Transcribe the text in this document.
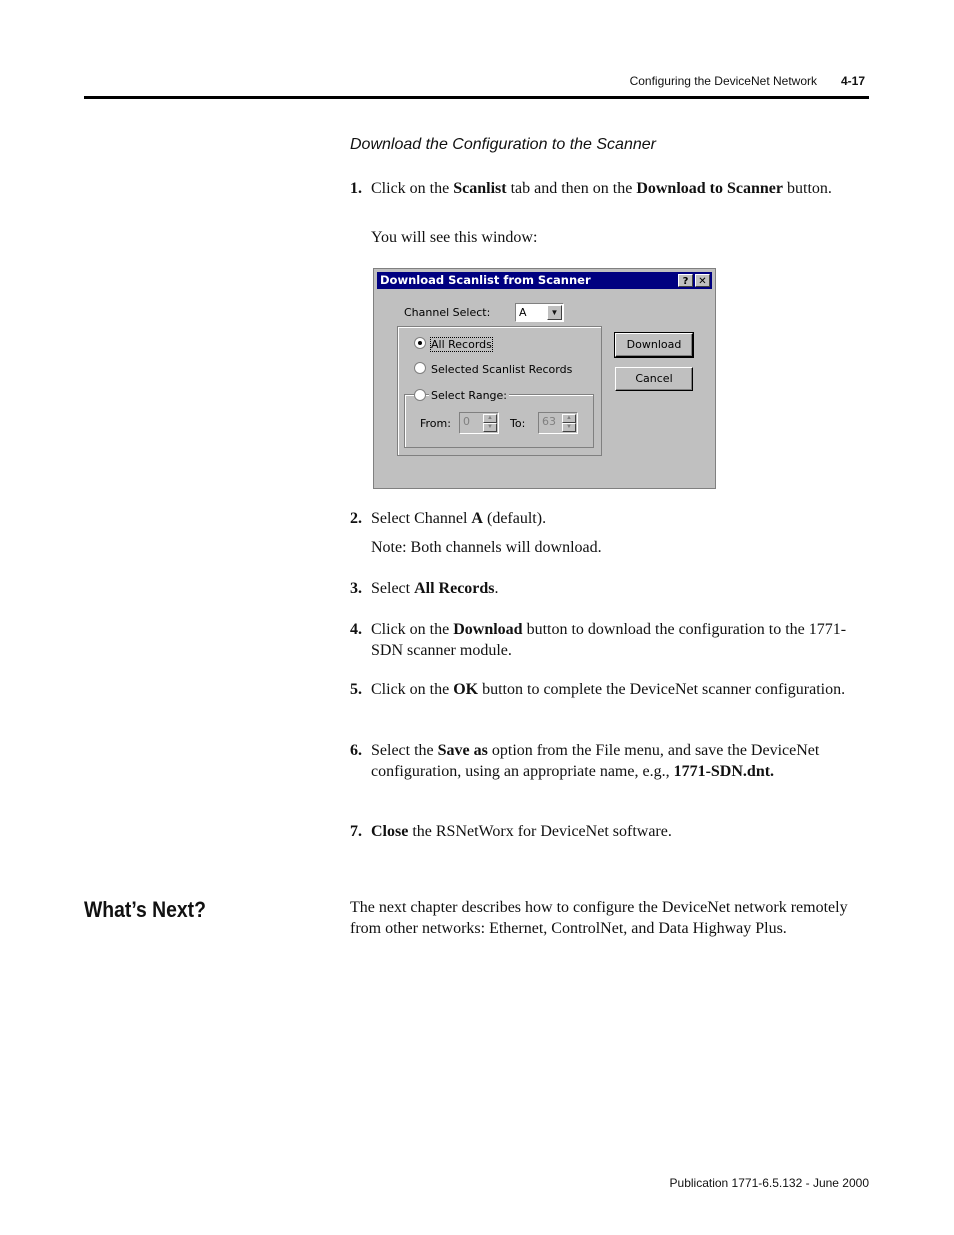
Configuring the DeviceNet Network 4-17
Download the Configuration to the Scanner
1. Click on the Scanlist tab and then on the Download to Scanner button.
You will see this window:
Download Scanlist from Scanner	? ✕
Channel Select:	A	▼
All Records
Selected Scanlist Records
Select Range:
From: 0	▲
▼	To: 63	▲
▼
Download
Cancel
2. Select Channel A (default).
Note: Both channels will download.
3. Select All Records.
4. Click on the Download button to download the configuration to the 1771-SDN scanner module.
5. Click on the OK button to complete the DeviceNet scanner configuration.
6. Select the Save as option from the File menu, and save the DeviceNet configuration, using an appropriate name, e.g., 1771-SDN.dnt.
7. Close the RSNetWorx for DeviceNet software.
What’s Next?	The next chapter describes how to configure the DeviceNet network remotely from other networks: Ethernet, ControlNet, and Data Highway Plus.
Publication 1771-6.5.132 - June 2000
